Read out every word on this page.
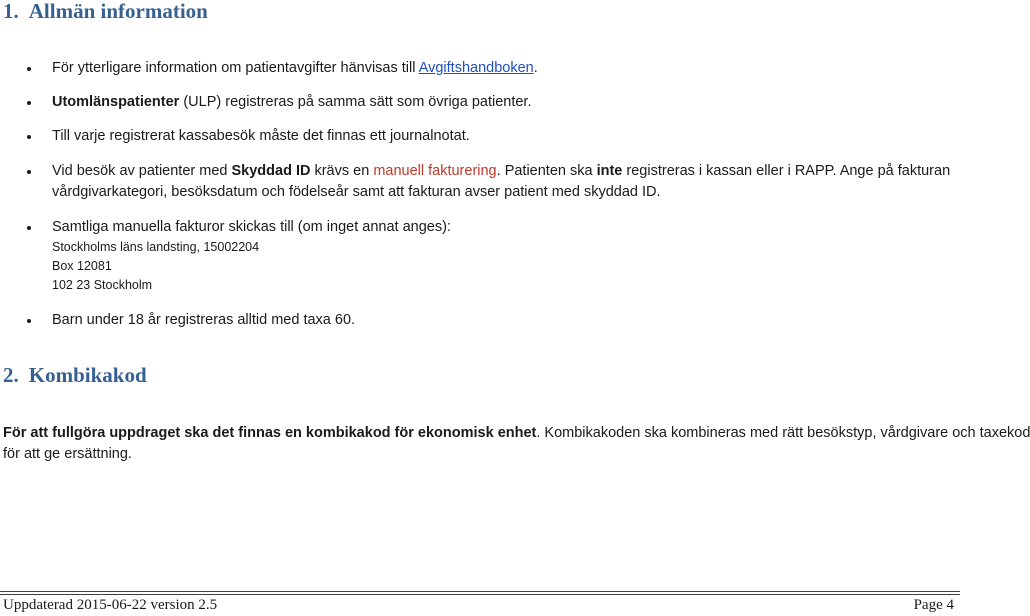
1. Allmän information
För ytterligare information om patientavgifter hänvisas till Avgiftshandboken.
Utomlänspatienter (ULP) registreras på samma sätt som övriga patienter.
Till varje registrerat kassabesök måste det finnas ett journalnotat.
Vid besök av patienter med Skyddad ID krävs en manuell fakturering. Patienten ska inte registreras i kassan eller i RAPP. Ange på fakturan
vårdgivarkategori, besöksdatum och födelseår samt att fakturan avser patient med skyddad ID.
Samtliga manuella fakturor skickas till (om inget annat anges):
Stockholms läns landsting, 15002204
Box 12081
102 23 Stockholm
Barn under 18 år registreras alltid med taxa 60.
2. Kombikakod
För att fullgöra uppdraget ska det finnas en kombikakod för ekonomisk enhet. Kombikakoden ska kombineras med rätt besökstyp, vårdgivare och taxekod
för att ge ersättning.
Uppdaterad 2015-06-22 version 2.5	Page 4
